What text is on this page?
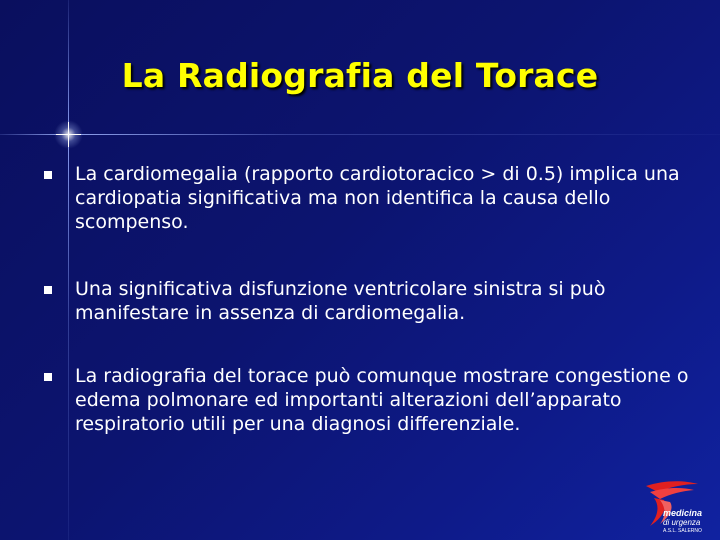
La Radiografia del Torace
La cardiomegalia (rapporto cardiotoracico > di 0.5) implica una cardiopatia significativa ma non identifica la causa dello scompenso.
Una significativa disfunzione ventricolare sinistra si può manifestare in assenza di cardiomegalia.
La radiografia del torace può comunque mostrare congestione o edema polmonare ed importanti alterazioni dell’apparato respiratorio utili per una diagnosi differenziale.
medicina
di urgenza
A.S.L. SALERNO
